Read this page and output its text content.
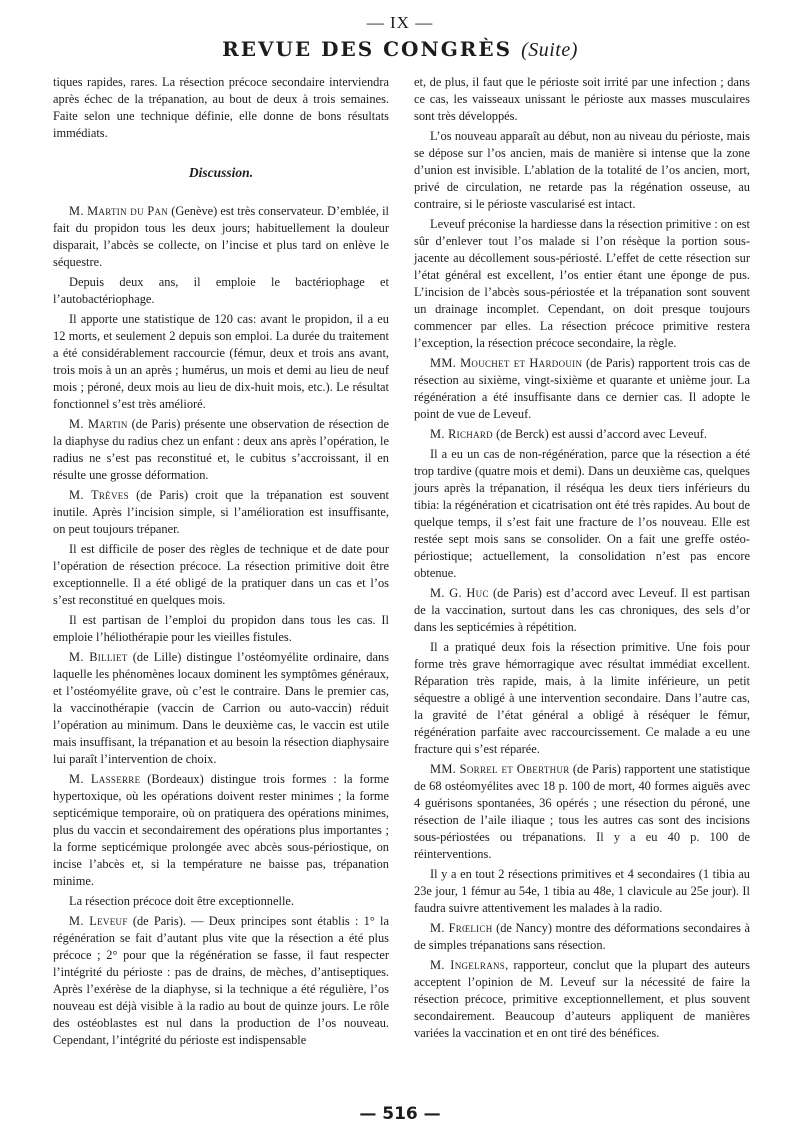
— IX —
REVUE DES CONGRÈS (Suite)

tiques rapides, rares. La résection précoce secondaire interviendra après échec de la trépanation, au bout de deux à trois semaines. Faite selon une technique définie, elle donne de bons résultats immédiats.

Discussion.

M. Martin du Pan (Genève) est très conservateur. D’emblée, il fait du propidon tous les deux jours; habituellement la douleur disparait, l’abcès se collecte, on l’incise et plus tard on enlève le séquestre.

Depuis deux ans, il emploie le bactériophage et l’autobactériophage.

Il apporte une statistique de 120 cas: avant le propidon, il a eu 12 morts, et seulement 2 depuis son emploi. La durée du traitement a été considérablement raccourcie (fémur, deux et trois ans avant, trois mois à un an après ; humérus, un mois et demi au lieu de neuf mois ; péroné, deux mois au lieu de dix-huit mois, etc.). Le résultat fonctionnel s’est très amélioré.

M. Martin (de Paris) présente une observation de résection de la diaphyse du radius chez un enfant : deux ans après l’opération, le radius ne s’est pas reconstitué et, le cubitus s’accroissant, il en résulte une grosse déformation.

M. Trèves (de Paris) croit que la trépanation est souvent inutile. Après l’incision simple, si l’amélioration est insuffisante, on peut toujours trépaner.

Il est difficile de poser des règles de technique et de date pour l’opération de résection précoce. La résection primitive doit être exceptionnelle. Il a été obligé de la pratiquer dans un cas et l’os s’est reconstitué en quelques mois.

Il est partisan de l’emploi du propidon dans tous les cas. Il emploie l’héliothérapie pour les vieilles fistules.

M. Billiet (de Lille) distingue l’ostéomyélite ordinaire, dans laquelle les phénomènes locaux dominent les symptômes généraux, et l’ostéomyélite grave, où c’est le contraire. Dans le premier cas, la vaccinothérapie (vaccin de Carrion ou auto-vaccin) réduit l’opération au minimum. Dans le deuxième cas, le vaccin est utile mais insuffisant, la trépanation et au besoin la résection diaphysaire lui paraît l’intervention de choix.

M. Lasserre (Bordeaux) distingue trois formes : la forme hypertoxique, où les opérations doivent rester minimes ; la forme septicémique temporaire, où on pratiquera des opérations minimes, plus du vaccin et secondairement des opérations plus importantes ; la forme septicémique prolongée avec abcès sous-périostique, on incise l’abcès et, si la température ne baisse pas, trépanation minime.

La résection précoce doit être exceptionnelle.

M. Leveuf (de Paris). — Deux principes sont établis : 1° la régénération se fait d’autant plus vite que la résection a été plus précoce ; 2° pour que la régénération se fasse, il faut respecter l’intégrité du périoste : pas de drains, de mèches, d’antiseptiques. Après l’exérèse de la diaphyse, si la technique a été régulière, l’os nouveau est déjà visible à la radio au bout de quinze jours. Le rôle des ostéoblastes est nul dans la production de l’os nouveau. Cependant, l’intégrité du périoste est indispensable

et, de plus, il faut que le périoste soit irrité par une infection ; dans ce cas, les vaisseaux unissant le périoste aux masses musculaires sont très développés.

L’os nouveau apparaît au début, non au niveau du périoste, mais se dépose sur l’os ancien, mais de manière si intense que la zone d’union est invisible. L’ablation de la totalité de l’os ancien, mort, privé de circulation, ne retarde pas la régénation osseuse, au contraire, si le périoste vascularisé est intact.

Leveuf préconise la hardiesse dans la résection primitive : on est sûr d’enlever tout l’os malade si l’on résèque la portion sous-jacente au décollement sous-périosté. L’effet de cette résection sur l’état général est excellent, l’os entier étant une éponge de pus. L’incision de l’abcès sous-périostée et la trépanation sont souvent un drainage incomplet. Cependant, on doit presque toujours commencer par elles. La résection précoce primitive restera l’exception, la résection précoce secondaire, la règle.

MM. Mouchet et Hardouin (de Paris) rapportent trois cas de résection au sixième, vingt-sixième et quarante et unième jour. La régénération a été insuffisante dans ce dernier cas. Il adopte le point de vue de Leveuf.

M. Richard (de Berck) est aussi d’accord avec Leveuf.

Il a eu un cas de non-régénération, parce que la résection a été trop tardive (quatre mois et demi). Dans un deuxième cas, quelques jours après la trépanation, il réséqua les deux tiers inférieurs du tibia: la régénération et cicatrisation ont été très rapides. Au bout de quelque temps, il s’est fait une fracture de l’os nouveau. Elle est restée sept mois sans se consolider. On a fait une greffe ostéo-périostique; actuellement, la consolidation n’est pas encore obtenue.

M. G. Huc (de Paris) est d’accord avec Leveuf. Il est partisan de la vaccination, surtout dans les cas chroniques, des sels d’or dans les septicémies à répétition.

Il a pratiqué deux fois la résection primitive. Une fois pour forme très grave hémorragique avec résultat immédiat excellent. Réparation très rapide, mais, à la limite inférieure, un petit séquestre a obligé à une intervention secondaire. Dans l’autre cas, la gravité de l’état général a obligé à réséquer le fémur, régénération parfaite avec raccourcissement. Ce malade a eu une fracture qui s’est réparée.

MM. Sorrel et Oberthur (de Paris) rapportent une statistique de 68 ostéomyélites avec 18 p. 100 de mort, 40 formes aiguës avec 4 guérisons spontanées, 36 opérés ; une résection du péroné, une résection de l’aile iliaque ; tous les autres cas sont des incisions sous-périostées ou trépanations. Il y a eu 40 p. 100 de réinterventions.

Il y a en tout 2 résections primitives et 4 secondaires (1 tibia au 23e jour, 1 fémur au 54e, 1 tibia au 48e, 1 clavicule au 25e jour). Il faudra suivre attentivement les malades à la radio.

M. Frœlich (de Nancy) montre des déformations secondaires à de simples trépanations sans résection.

M. Ingelrans, rapporteur, conclut que la plupart des auteurs acceptent l’opinion de M. Leveuf sur la nécessité de faire la résection précoce, primitive exceptionnellement, et plus souvent secondairement. Beaucoup d’auteurs appliquent de manières variées la vaccination et en ont tiré des bénéfices.

— 516 —
